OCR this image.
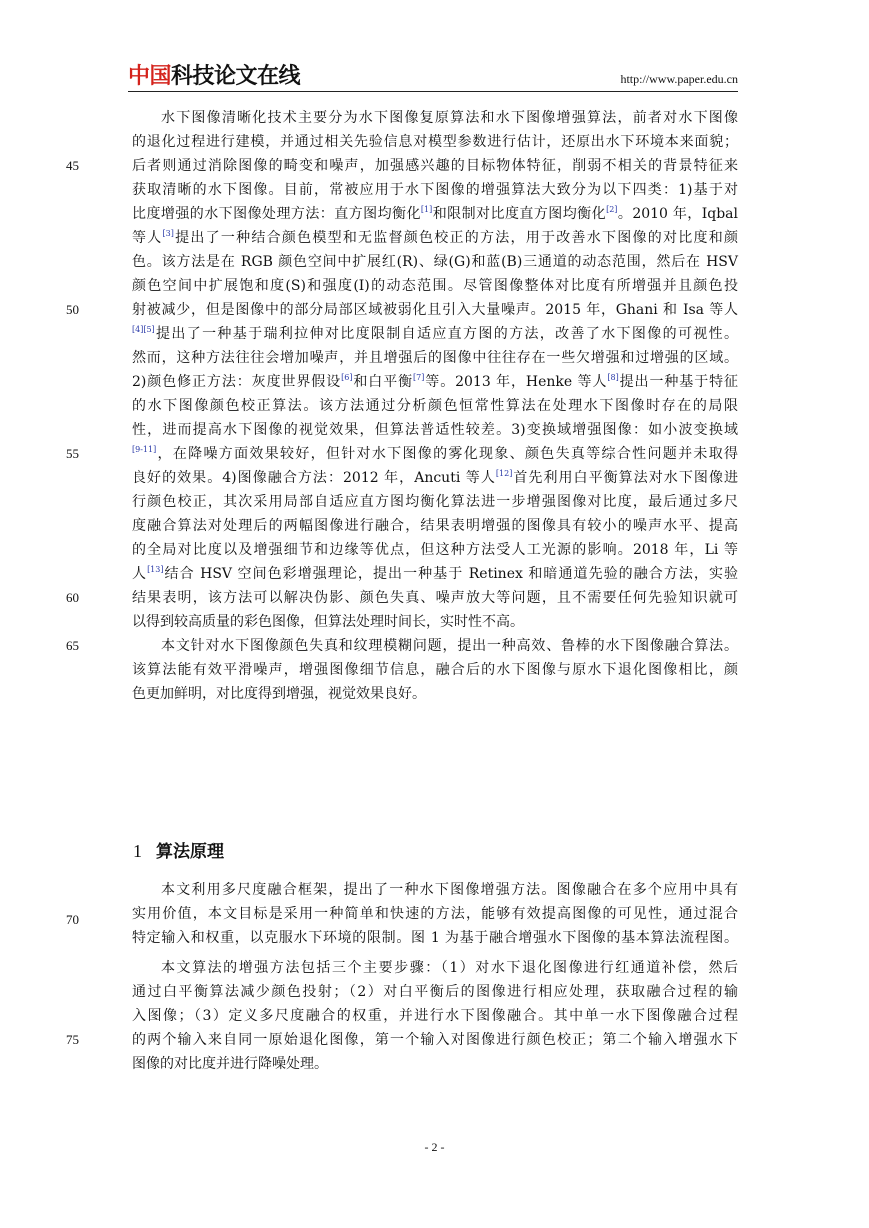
中国科技论文在线	http://www.paper.edu.cn
45
50
55
60
65
70
75
水下图像清晰化技术主要分为水下图像复原算法和水下图像增强算法，前者对水下图像
的退化过程进行建模，并通过相关先验信息对模型参数进行估计，还原出水下环境本来面貌；
后者则通过消除图像的畸变和噪声，加强感兴趣的目标物体特征，削弱不相关的背景特征来
获取清晰的水下图像。目前，常被应用于水下图像的增强算法大致分为以下四类：1)基于对
比度增强的水下图像处理方法：直方图均衡化[1]和限制对比度直方图均衡化[2]。2010 年，Iqbal
等人[3]提出了一种结合颜色模型和无监督颜色校正的方法，用于改善水下图像的对比度和颜
色。该方法是在 RGB 颜色空间中扩展红(R)、绿(G)和蓝(B)三通道的动态范围，然后在 HSV
颜色空间中扩展饱和度(S)和强度(I)的动态范围。尽管图像整体对比度有所增强并且颜色投
射被减少，但是图像中的部分局部区域被弱化且引入大量噪声。2015 年，Ghani 和 Isa 等人
[4][5]提出了一种基于瑞利拉伸对比度限制自适应直方图的方法，改善了水下图像的可视性。
然而，这种方法往往会增加噪声，并且增强后的图像中往往存在一些欠增强和过增强的区域。
2)颜色修正方法：灰度世界假设[6]和白平衡[7]等。2013 年，Henke 等人[8]提出一种基于特征
的水下图像颜色校正算法。该方法通过分析颜色恒常性算法在处理水下图像时存在的局限
性，进而提高水下图像的视觉效果，但算法普适性较差。3)变换域增强图像：如小波变换域
[9-11]，在降噪方面效果较好，但针对水下图像的雾化现象、颜色失真等综合性问题并未取得
良好的效果。4)图像融合方法：2012 年，Ancuti 等人[12]首先利用白平衡算法对水下图像进
行颜色校正，其次采用局部自适应直方图均衡化算法进一步增强图像对比度，最后通过多尺
度融合算法对处理后的两幅图像进行融合，结果表明增强的图像具有较小的噪声水平、提高
的全局对比度以及增强细节和边缘等优点，但这种方法受人工光源的影响。2018 年，Li 等
人[13]结合 HSV 空间色彩增强理论，提出一种基于 Retinex 和暗通道先验的融合方法，实验
结果表明，该方法可以解决伪影、颜色失真、噪声放大等问题，且不需要任何先验知识就可
以得到较高质量的彩色图像，但算法处理时间长，实时性不高。
本文针对水下图像颜色失真和纹理模糊问题，提出一种高效、鲁棒的水下图像融合算法。
该算法能有效平滑噪声，增强图像细节信息，融合后的水下图像与原水下退化图像相比，颜
色更加鲜明，对比度得到增强，视觉效果良好。
1 算法原理
本文利用多尺度融合框架，提出了一种水下图像增强方法。图像融合在多个应用中具有
实用价值，本文目标是采用一种简单和快速的方法，能够有效提高图像的可见性，通过混合
特定输入和权重，以克服水下环境的限制。图 1 为基于融合增强水下图像的基本算法流程图。
本文算法的增强方法包括三个主要步骤：（1）对水下退化图像进行红通道补偿，然后
通过白平衡算法减少颜色投射；（2）对白平衡后的图像进行相应处理，获取融合过程的输
入图像；（3）定义多尺度融合的权重，并进行水下图像融合。其中单一水下图像融合过程
的两个输入来自同一原始退化图像，第一个输入对图像进行颜色校正；第二个输入增强水下
图像的对比度并进行降噪处理。
- 2 -
